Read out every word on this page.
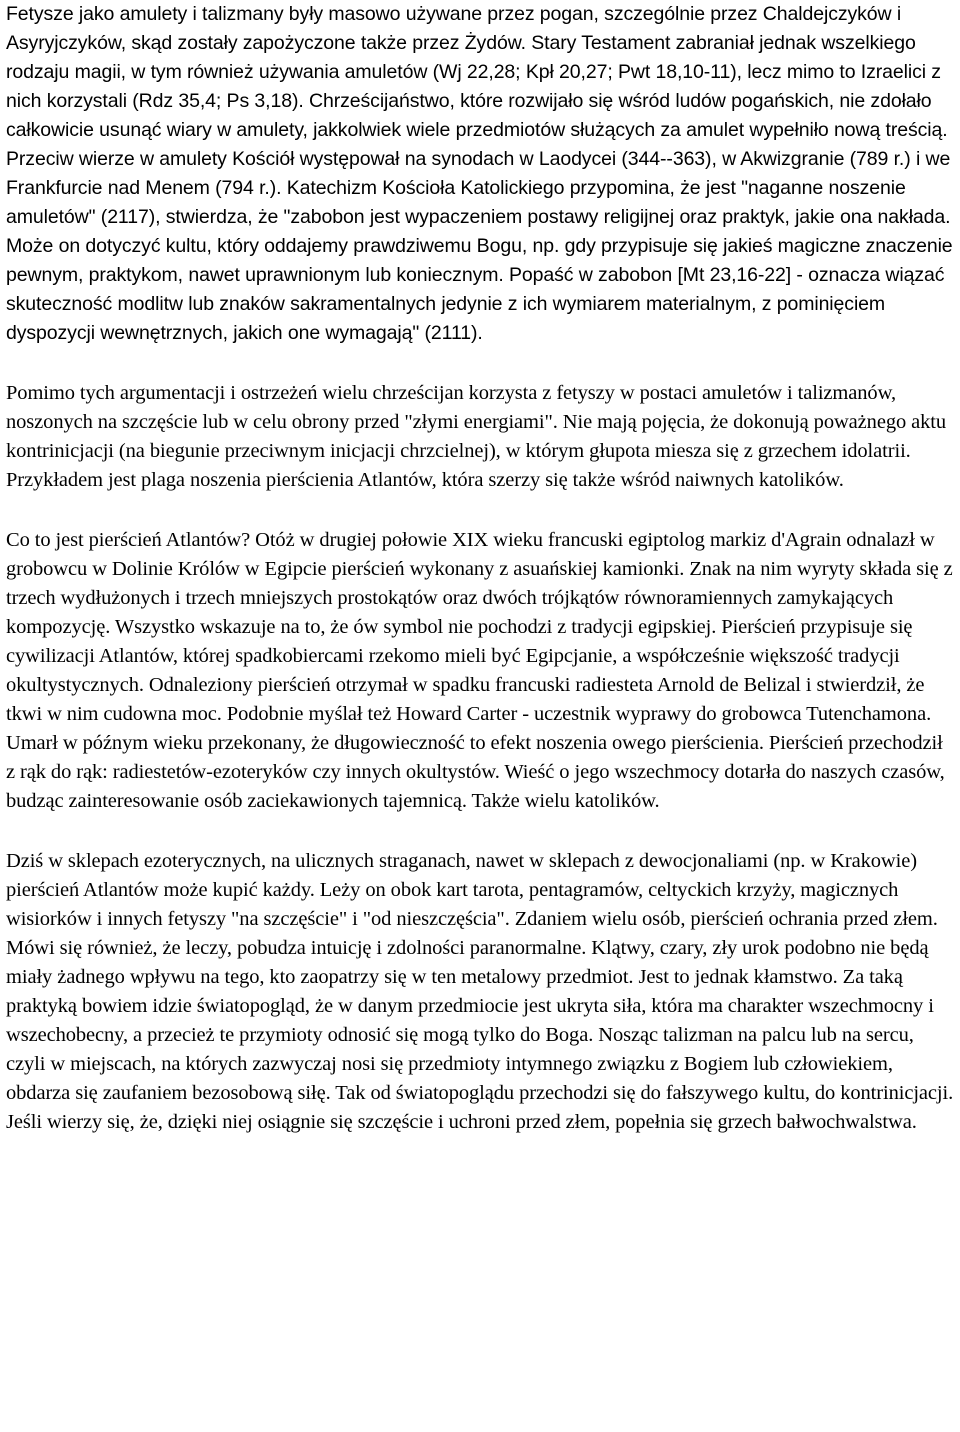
Fetysze jako amulety i talizmany były masowo używane przez pogan, szczególnie przez Chaldejczyków i Asyryjczyków, skąd zostały zapożyczone także przez Żydów. Stary Testament zabraniał jednak wszelkiego rodzaju magii, w tym również używania amuletów (Wj 22,28; Kpł 20,27; Pwt 18,10-11), lecz mimo to Izraelici z nich korzystali (Rdz 35,4; Ps 3,18). Chrześcijaństwo, które rozwijało się wśród ludów pogańskich, nie zdołało całkowicie usunąć wiary w amulety, jakkolwiek wiele przedmiotów służących za amulet wypełniło nową treścią. Przeciw wierze w amulety Kościół występował na synodach w Laodycei (344--363), w Akwizgranie (789 r.) i we Frankfurcie nad Menem (794 r.). Katechizm Kościoła Katolickiego przypomina, że jest "naganne noszenie amuletów" (2117), stwierdza, że "zabobon jest wypaczeniem postawy religijnej oraz praktyk, jakie ona nakłada. Może on dotyczyć kultu, który oddajemy prawdziwemu Bogu, np. gdy przypisuje się jakieś magiczne znaczenie pewnym, praktykom, nawet uprawnionym lub koniecznym. Popaść w zabobon [Mt 23,16-22] - oznacza wiązać skuteczność modlitw lub znaków sakramentalnych jedynie z ich wymiarem materialnym, z pominięciem dyspozycji wewnętrznych, jakich one wymagają" (2111).

Pomimo tych argumentacji i ostrzeżeń wielu chrześcijan korzysta z fetyszy w postaci amuletów i talizmanów, noszonych na szczęście lub w celu obrony przed "złymi energiami". Nie mają pojęcia, że dokonują poważnego aktu kontrinicjacji (na biegunie przeciwnym inicjacji chrzcielnej), w którym głupota miesza się z grzechem idolatrii. Przykładem jest plaga noszenia pierścienia Atlantów, która szerzy się także wśród naiwnych katolików.

Co to jest pierścień Atlantów? Otóż w drugiej połowie XIX wieku francuski egiptolog markiz d'Agrain odnalazł w grobowcu w Dolinie Królów w Egipcie pierścień wykonany z asuańskiej kamionki. Znak na nim wyryty składa się z trzech wydłużonych i trzech mniejszych prostokątów oraz dwóch trójkątów równoramiennych zamykających kompozycję. Wszystko wskazuje na to, że ów symbol nie pochodzi z tradycji egipskiej. Pierścień przypisuje się cywilizacji Atlantów, której spadkobiercami rzekomo mieli być Egipcjanie, a współcześnie większość tradycji okultystycznych. Odnaleziony pierścień otrzymał w spadku francuski radiesteta Arnold de Belizal i stwierdził, że tkwi w nim cudowna moc. Podobnie myślał też Howard Carter - uczestnik wyprawy do grobowca Tutenchamona. Umarł w późnym wieku przekonany, że długowieczność to efekt noszenia owego pierścienia. Pierścień przechodził z rąk do rąk: radiestetów-ezoteryków czy innych okultystów. Wieść o jego wszechmocy dotarła do naszych czasów, budząc zainteresowanie osób zaciekawionych tajemnicą. Także wielu katolików.

Dziś w sklepach ezoterycznych, na ulicznych straganach, nawet w sklepach z dewocjonaliami (np. w Krakowie) pierścień Atlantów może kupić każdy. Leży on obok kart tarota, pentagramów, celtyckich krzyży, magicznych wisiorków i innych fetyszy "na szczęście" i "od nieszczęścia". Zdaniem wielu osób, pierścień ochrania przed złem. Mówi się również, że leczy, pobudza intuicję i zdolności paranormalne. Klątwy, czary, zły urok podobno nie będą miały żadnego wpływu na tego, kto zaopatrzy się w ten metalowy przedmiot. Jest to jednak kłamstwo. Za taką praktyką bowiem idzie światopogląd, że w danym przedmiocie jest ukryta siła, która ma charakter wszechmocny i wszechobecny, a przecież te przymioty odnosić się mogą tylko do Boga. Nosząc talizman na palcu lub na sercu, czyli w miejscach, na których zazwyczaj nosi się przedmioty intymnego związku z Bogiem lub człowiekiem, obdarza się zaufaniem bezosobową siłę. Tak od światopoglądu przechodzi się do fałszywego kultu, do kontrinicjacji. Jeśli wierzy się, że, dzięki niej osiągnie się szczęście i uchroni przed złem, popełnia się grzech bałwochwalstwa.
